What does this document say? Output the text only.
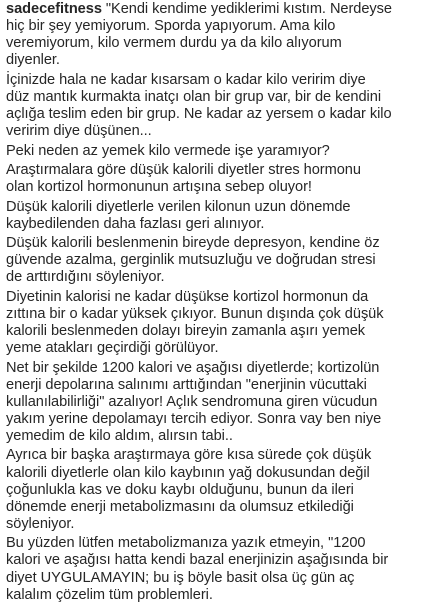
sadecefitness "Kendi kendime yediklerimi kıstım. Nerdeyse
hiç bir şey yemiyorum. Sporda yapıyorum. Ama kilo
veremiyorum, kilo vermem durdu ya da kilo alıyorum
diyenler.

İçinizde hala ne kadar kısarsam o kadar kilo veririm diye
düz mantık kurmakta inatçı olan bir grup var, bir de kendini
açlığa teslim eden bir grup. Ne kadar az yersem o kadar kilo
veririm diye düşünen...

Peki neden az yemek kilo vermede işe yaramıyor?

Araştırmalara göre düşük kalorili diyetler stres hormonu
olan kortizol hormonunun artışına sebep oluyor!

Düşük kalorili diyetlerle verilen kilonun uzun dönemde
kaybedilenden daha fazlası geri alınıyor.

Düşük kalorili beslenmenin bireyde depresyon, kendine öz
güvende azalma, gerginlik mutsuzluğu ve doğrudan stresi
de arttırdığını söyleniyor.

Diyetinin kalorisi ne kadar düşükse kortizol hormonun da
zıttına bir o kadar yüksek çıkıyor. Bunun dışında çok düşük
kalorili beslenmeden dolayı bireyin zamanla aşırı yemek
yeme atakları geçirdiği görülüyor.

Net bir şekilde 1200 kalori ve aşağısı diyetlerde; kortizolün
enerji depolarına salınımı arttığından "enerjinin vücuttaki
kullanılabilirliği" azalıyor! Açlık sendromuna giren vücudun
yakım yerine depolamayı tercih ediyor. Sonra vay ben niye
yemedim de kilo aldım, alırsın tabi..

Ayrıca bir başka araştırmaya göre kısa sürede çok düşük
kalorili diyetlerle olan kilo kaybının yağ dokusundan değil
çoğunlukla kas ve doku kaybı olduğunu, bunun da ileri
dönemde enerji metabolizmasını da olumsuz etkilediği
söyleniyor.

Bu yüzden lütfen metabolizmanıza yazık etmeyin, "1200
kalori ve aşağısı hatta kendi bazal enerjinizin aşağısında bir
diyet UYGULAMAYIN; bu iş böyle basit olsa üç gün aç
kalalım çözelim tüm problemleri.
